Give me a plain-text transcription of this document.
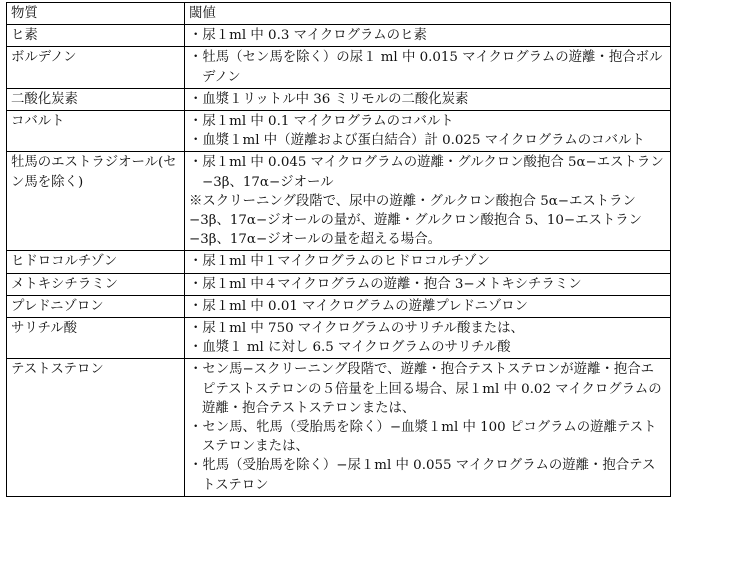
物質	閾値
ヒ素	・尿１ml 中 0.3 マイクログラムのヒ素

ボルデノン	・牡馬（セン馬を除く）の尿１ ml 中 0.015 マイクログラムの遊離・抱合ボルデノン

二酸化炭素	・血漿１リットル中 36 ミリモルの二酸化炭素

コバルト	・尿１ml 中 0.1 マイクログラムのコバルト
・血漿１ml 中（遊離および蛋白結合）計 0.025 マイクログラムのコバルト

牡馬のエストラジオール(セン馬を除く)	・尿１ml 中 0.045 マイクログラムの遊離・グルクロン酸抱合 5α−エストラン−3β、17α−ジオール
※スクリーニング段階で、尿中の遊離・グルクロン酸抱合 5α−エストラン−3β、17α−ジオールの量が、遊離・グルクロン酸抱合 5、10−エストラン−3β、17α−ジオールの量を超える場合。

ヒドロコルチゾン	・尿１ml 中１マイクログラムのヒドロコルチゾン

メトキシチラミン	・尿１ml 中４マイクログラムの遊離・抱合 3−メトキシチラミン

プレドニゾロン	・尿１ml 中 0.01 マイクログラムの遊離プレドニゾロン

サリチル酸	・尿１ml 中 750 マイクログラムのサリチル酸または、
・血漿１ ml に対し 6.5 マイクログラムのサリチル酸

テストステロン	・セン馬−スクリーニング段階で、遊離・抱合テストステロンが遊離・抱合エピテストステロンの５倍量を上回る場合、尿１ml 中 0.02 マイクログラムの遊離・抱合テストステロンまたは、
・セン馬、牝馬（受胎馬を除く）−血漿１ml 中 100 ピコグラムの遊離テストステロンまたは、
・牝馬（受胎馬を除く）−尿１ml 中 0.055 マイクログラムの遊離・抱合テストステロン
